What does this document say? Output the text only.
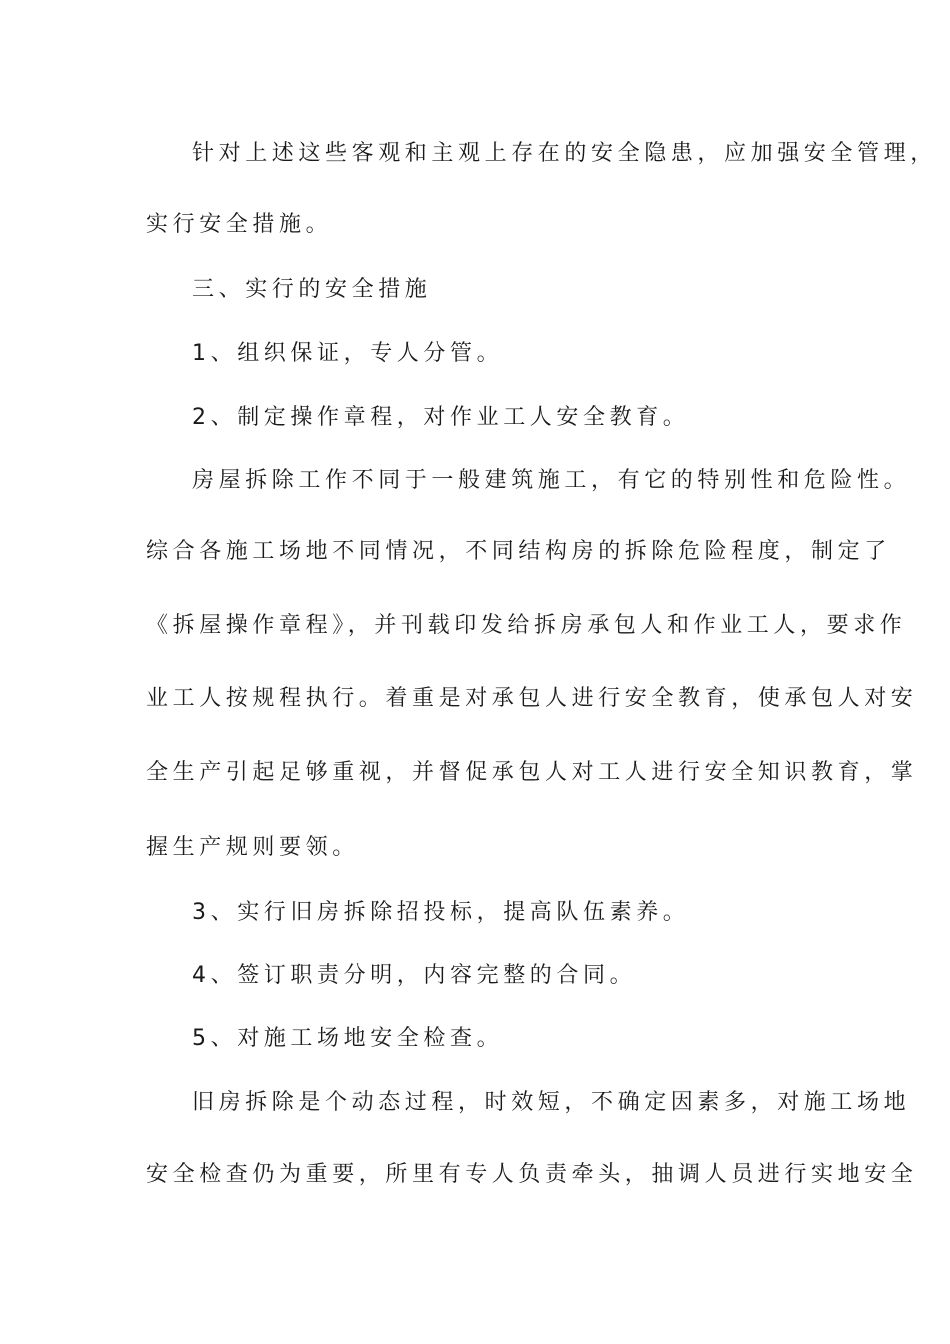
针对上述这些客观和主观上存在的安全隐患，应加强安全管理，
实行安全措施。
三、实行的安全措施
1、组织保证，专人分管。
2、制定操作章程，对作业工人安全教育。
房屋拆除工作不同于一般建筑施工，有它的特别性和危险性。
综合各施工场地不同情况，不同结构房的拆除危险程度，制定了
《拆屋操作章程》，并刊载印发给拆房承包人和作业工人，要求作
业工人按规程执行。着重是对承包人进行安全教育，使承包人对安
全生产引起足够重视，并督促承包人对工人进行安全知识教育，掌
握生产规则要领。
3、实行旧房拆除招投标，提高队伍素养。
4、签订职责分明，内容完整的合同。
5、对施工场地安全检查。
旧房拆除是个动态过程，时效短，不确定因素多，对施工场地
安全检查仍为重要，所里有专人负责牵头，抽调人员进行实地安全
